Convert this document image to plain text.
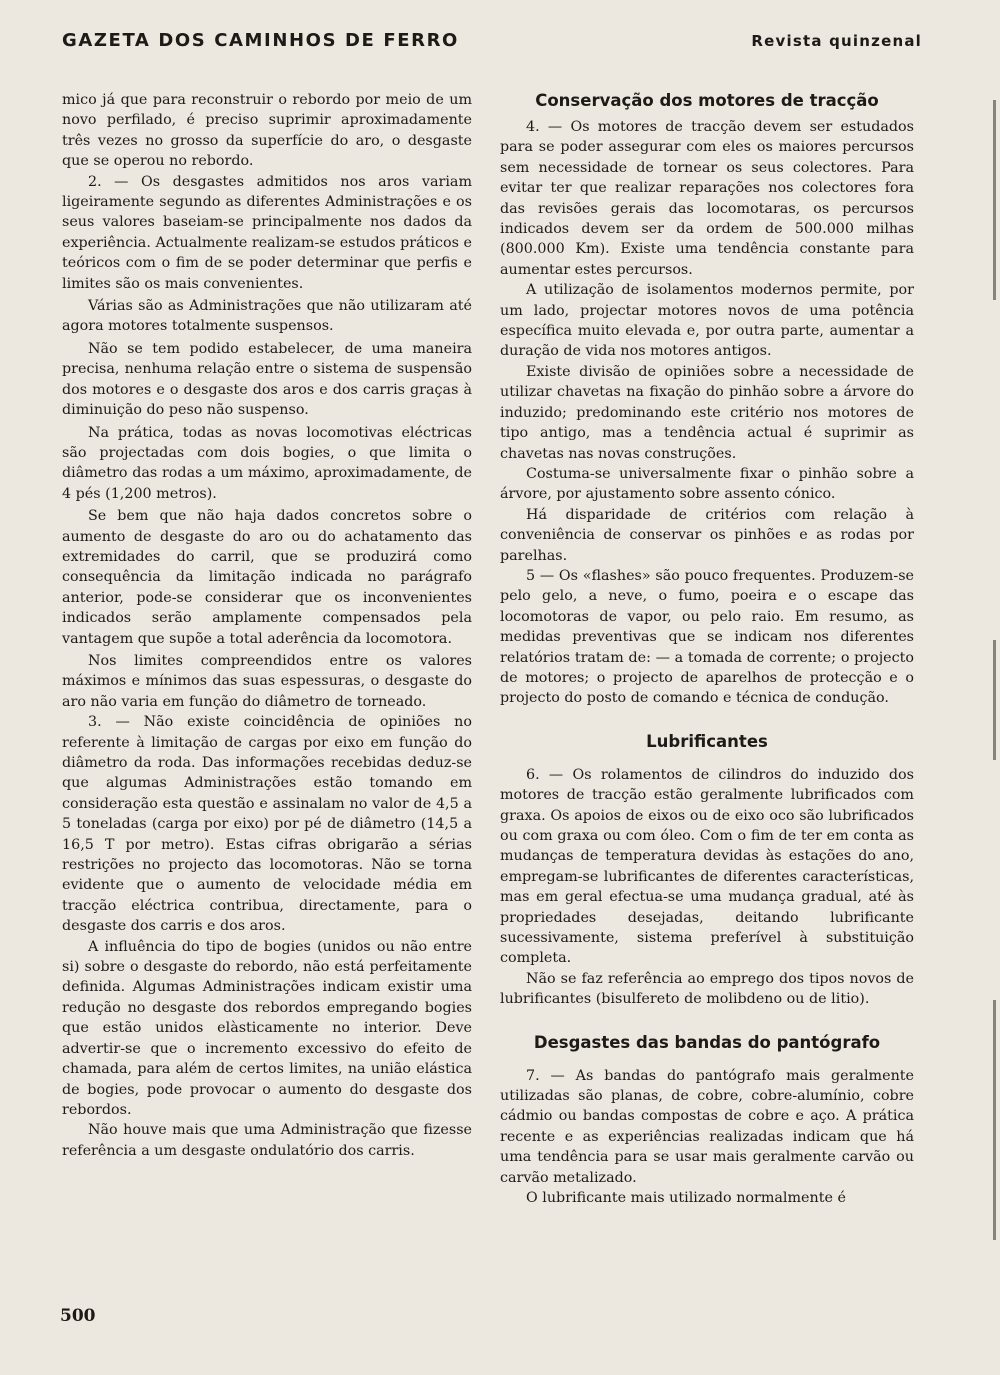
GAZETA DOS CAMINHOS DE FERRO	Revista quinzenal

mico já que para reconstruir o rebordo por meio de um novo perfilado, é preciso suprimir aproximadamente três vezes no grosso da superfície do aro, o desgaste que se operou no rebordo.

2. — Os desgastes admitidos nos aros variam ligeiramente segundo as diferentes Administrações e os seus valores baseiam-se principalmente nos dados da experiência. Actualmente realizam-se estudos práticos e teóricos com o fim de se poder determinar que perfis e limites são os mais convenientes.

Várias são as Administrações que não utilizaram até agora motores totalmente suspensos.

Não se tem podido estabelecer, de uma maneira precisa, nenhuma relação entre o sistema de suspensão dos motores e o desgaste dos aros e dos carris graças à diminuição do peso não suspenso.

Na prática, todas as novas locomotivas eléctricas são projectadas com dois bogies, o que limita o diâmetro das rodas a um máximo, aproximadamente, de 4 pés (1,200 metros).

Se bem que não haja dados concretos sobre o aumento de desgaste do aro ou do achatamento das extremidades do carril, que se produzirá como consequência da limitação indicada no parágrafo anterior, pode-se considerar que os inconvenientes indicados serão amplamente compensados pela vantagem que supõe a total aderência da locomotora.

Nos limites compreendidos entre os valores máximos e mínimos das suas espessuras, o desgaste do aro não varia em função do diâmetro de torneado.

3. — Não existe coincidência de opiniões no referente à limitação de cargas por eixo em função do diâmetro da roda. Das informações recebidas deduz-se que algumas Administrações estão tomando em consideração esta questão e assinalam no valor de 4,5 a 5 toneladas (carga por eixo) por pé de diâmetro (14,5 a 16,5 T por metro). Estas cifras obrigarão a sérias restrições no projecto das locomotoras. Não se torna evidente que o aumento de velocidade média em tracção eléctrica contribua, directamente, para o desgaste dos carris e dos aros.

A influência do tipo de bogies (unidos ou não entre si) sobre o desgaste do rebordo, não está perfeitamente definida. Algumas Administrações indicam existir uma redução no desgaste dos rebordos empregando bogies que estão unidos elàsticamente no interior. Deve advertir-se que o incremento excessivo do efeito de chamada, para além de certos limites, na união elástica de bogies, pode provocar o aumento do desgaste dos rebordos.

Não houve mais que uma Administração que fizesse referência a um desgaste ondulatório dos carris.

Conservação dos motores de tracção

4. — Os motores de tracção devem ser estudados para se poder assegurar com eles os maiores percursos sem necessidade de tornear os seus colectores. Para evitar ter que realizar reparações nos colectores fora das revisões gerais das locomotaras, os percursos indicados devem ser da ordem de 500.000 milhas (800.000 Km). Existe uma tendência constante para aumentar estes percursos.

A utilização de isolamentos modernos permite, por um lado, projectar motores novos de uma potência específica muito elevada e, por outra parte, aumentar a duração de vida nos motores antigos.

Existe divisão de opiniões sobre a necessidade de utilizar chavetas na fixação do pinhão sobre a árvore do induzido; predominando este critério nos motores de tipo antigo, mas a tendência actual é suprimir as chavetas nas novas construções.

Costuma-se universalmente fixar o pinhão sobre a árvore, por ajustamento sobre assento cónico.

Há disparidade de critérios com relação à conveniência de conservar os pinhões e as rodas por parelhas.

5 — Os «flashes» são pouco frequentes. Produzem-se pelo gelo, a neve, o fumo, poeira e o escape das locomotoras de vapor, ou pelo raio. Em resumo, as medidas preventivas que se indicam nos diferentes relatórios tratam de: — a tomada de corrente; o projecto de motores; o projecto de aparelhos de protecção e o projecto do posto de comando e técnica de condução.

Lubrificantes

6. — Os rolamentos de cilindros do induzido dos motores de tracção estão geralmente lubrificados com graxa. Os apoios de eixos ou de eixo oco são lubrificados ou com graxa ou com óleo. Com o fim de ter em conta as mudanças de temperatura devidas às estações do ano, empregam-se lubrificantes de diferentes características, mas em geral efectua-se uma mudança gradual, até às propriedades desejadas, deitando lubrificante sucessivamente, sistema preferível à substituição completa.

Não se faz referência ao emprego dos tipos novos de lubrificantes (bisulfereto de molibdeno ou de litio).

Desgastes das bandas do pantógrafo

7. — As bandas do pantógrafo mais geralmente utilizadas são planas, de cobre, cobre-alumínio, cobre cádmio ou bandas compostas de cobre e aço. A prática recente e as experiências realizadas indicam que há uma tendência para se usar mais geralmente carvão ou carvão metalizado.

O lubrificante mais utilizado normalmente é

500
